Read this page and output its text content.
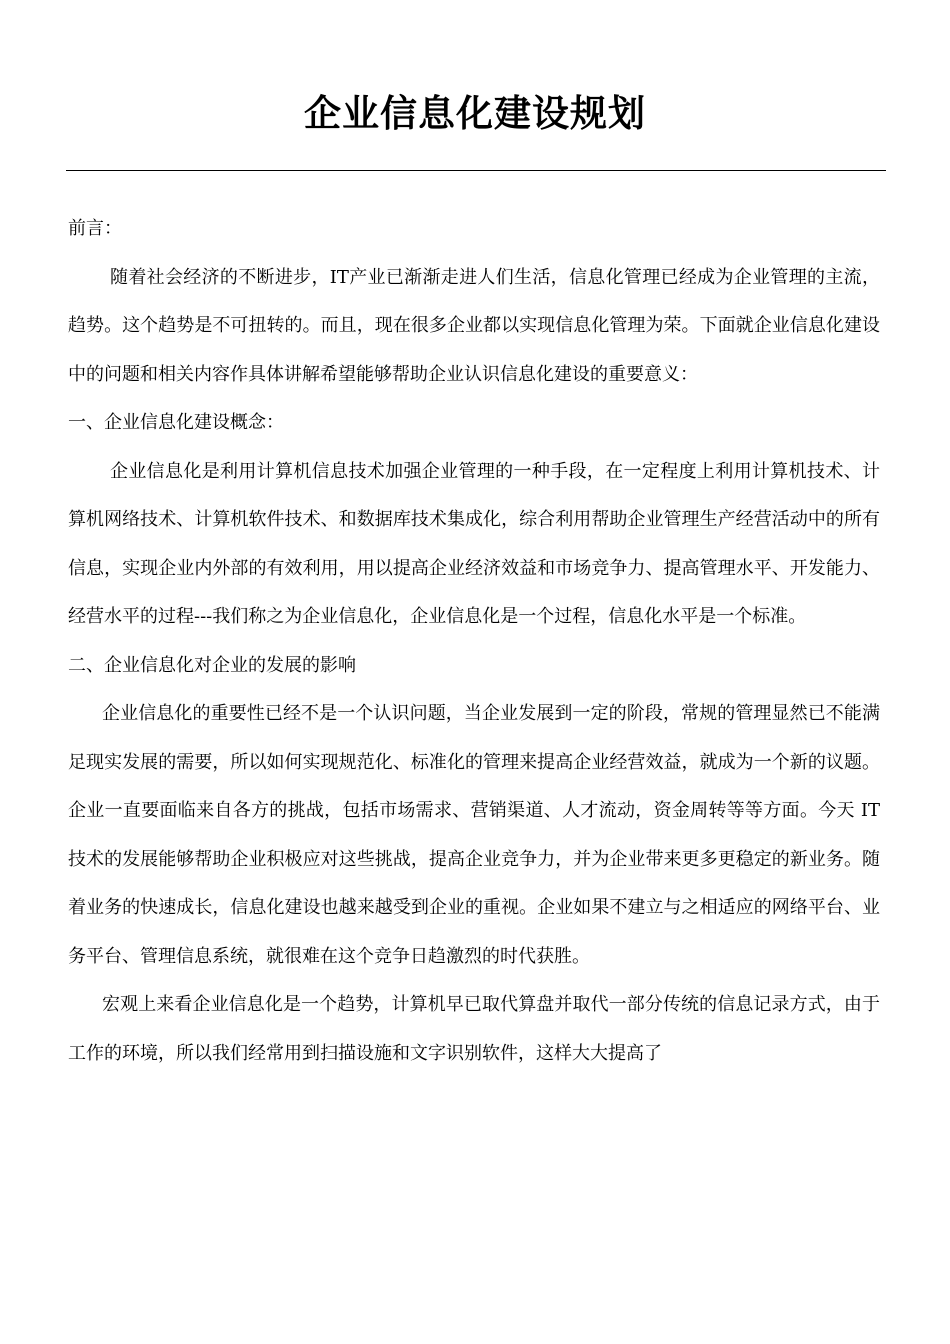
企业信息化建设规划

前言：

随着社会经济的不断进步，IT产业已渐渐走进人们生活，信息化管理已经成为企业管理的主流，趋势。这个趋势是不可扭转的。而且，现在很多企业都以实现信息化管理为荣。下面就企业信息化建设中的问题和相关内容作具体讲解希望能够帮助企业认识信息化建设的重要意义：

一、企业信息化建设概念：

企业信息化是利用计算机信息技术加强企业管理的一种手段，在一定程度上利用计算机技术、计算机网络技术、计算机软件技术、和数据库技术集成化，综合利用帮助企业管理生产经营活动中的所有信息，实现企业内外部的有效利用，用以提高企业经济效益和市场竞争力、提高管理水平、开发能力、经营水平的过程---我们称之为企业信息化，企业信息化是一个过程，信息化水平是一个标准。

二、企业信息化对企业的发展的影响

企业信息化的重要性已经不是一个认识问题，当企业发展到一定的阶段，常规的管理显然已不能满足现实发展的需要，所以如何实现规范化、标准化的管理来提高企业经营效益，就成为一个新的议题。企业一直要面临来自各方的挑战，包括市场需求、营销渠道、人才流动，资金周转等等方面。今天 IT 技术的发展能够帮助企业积极应对这些挑战，提高企业竞争力，并为企业带来更多更稳定的新业务。随着业务的快速成长，信息化建设也越来越受到企业的重视。企业如果不建立与之相适应的网络平台、业务平台、管理信息系统，就很难在这个竞争日趋激烈的时代获胜。

宏观上来看企业信息化是一个趋势，计算机早已取代算盘并取代一部分传统的信息记录方式，由于工作的环境，所以我们经常用到扫描设施和文字识别软件，这样大大提高了
